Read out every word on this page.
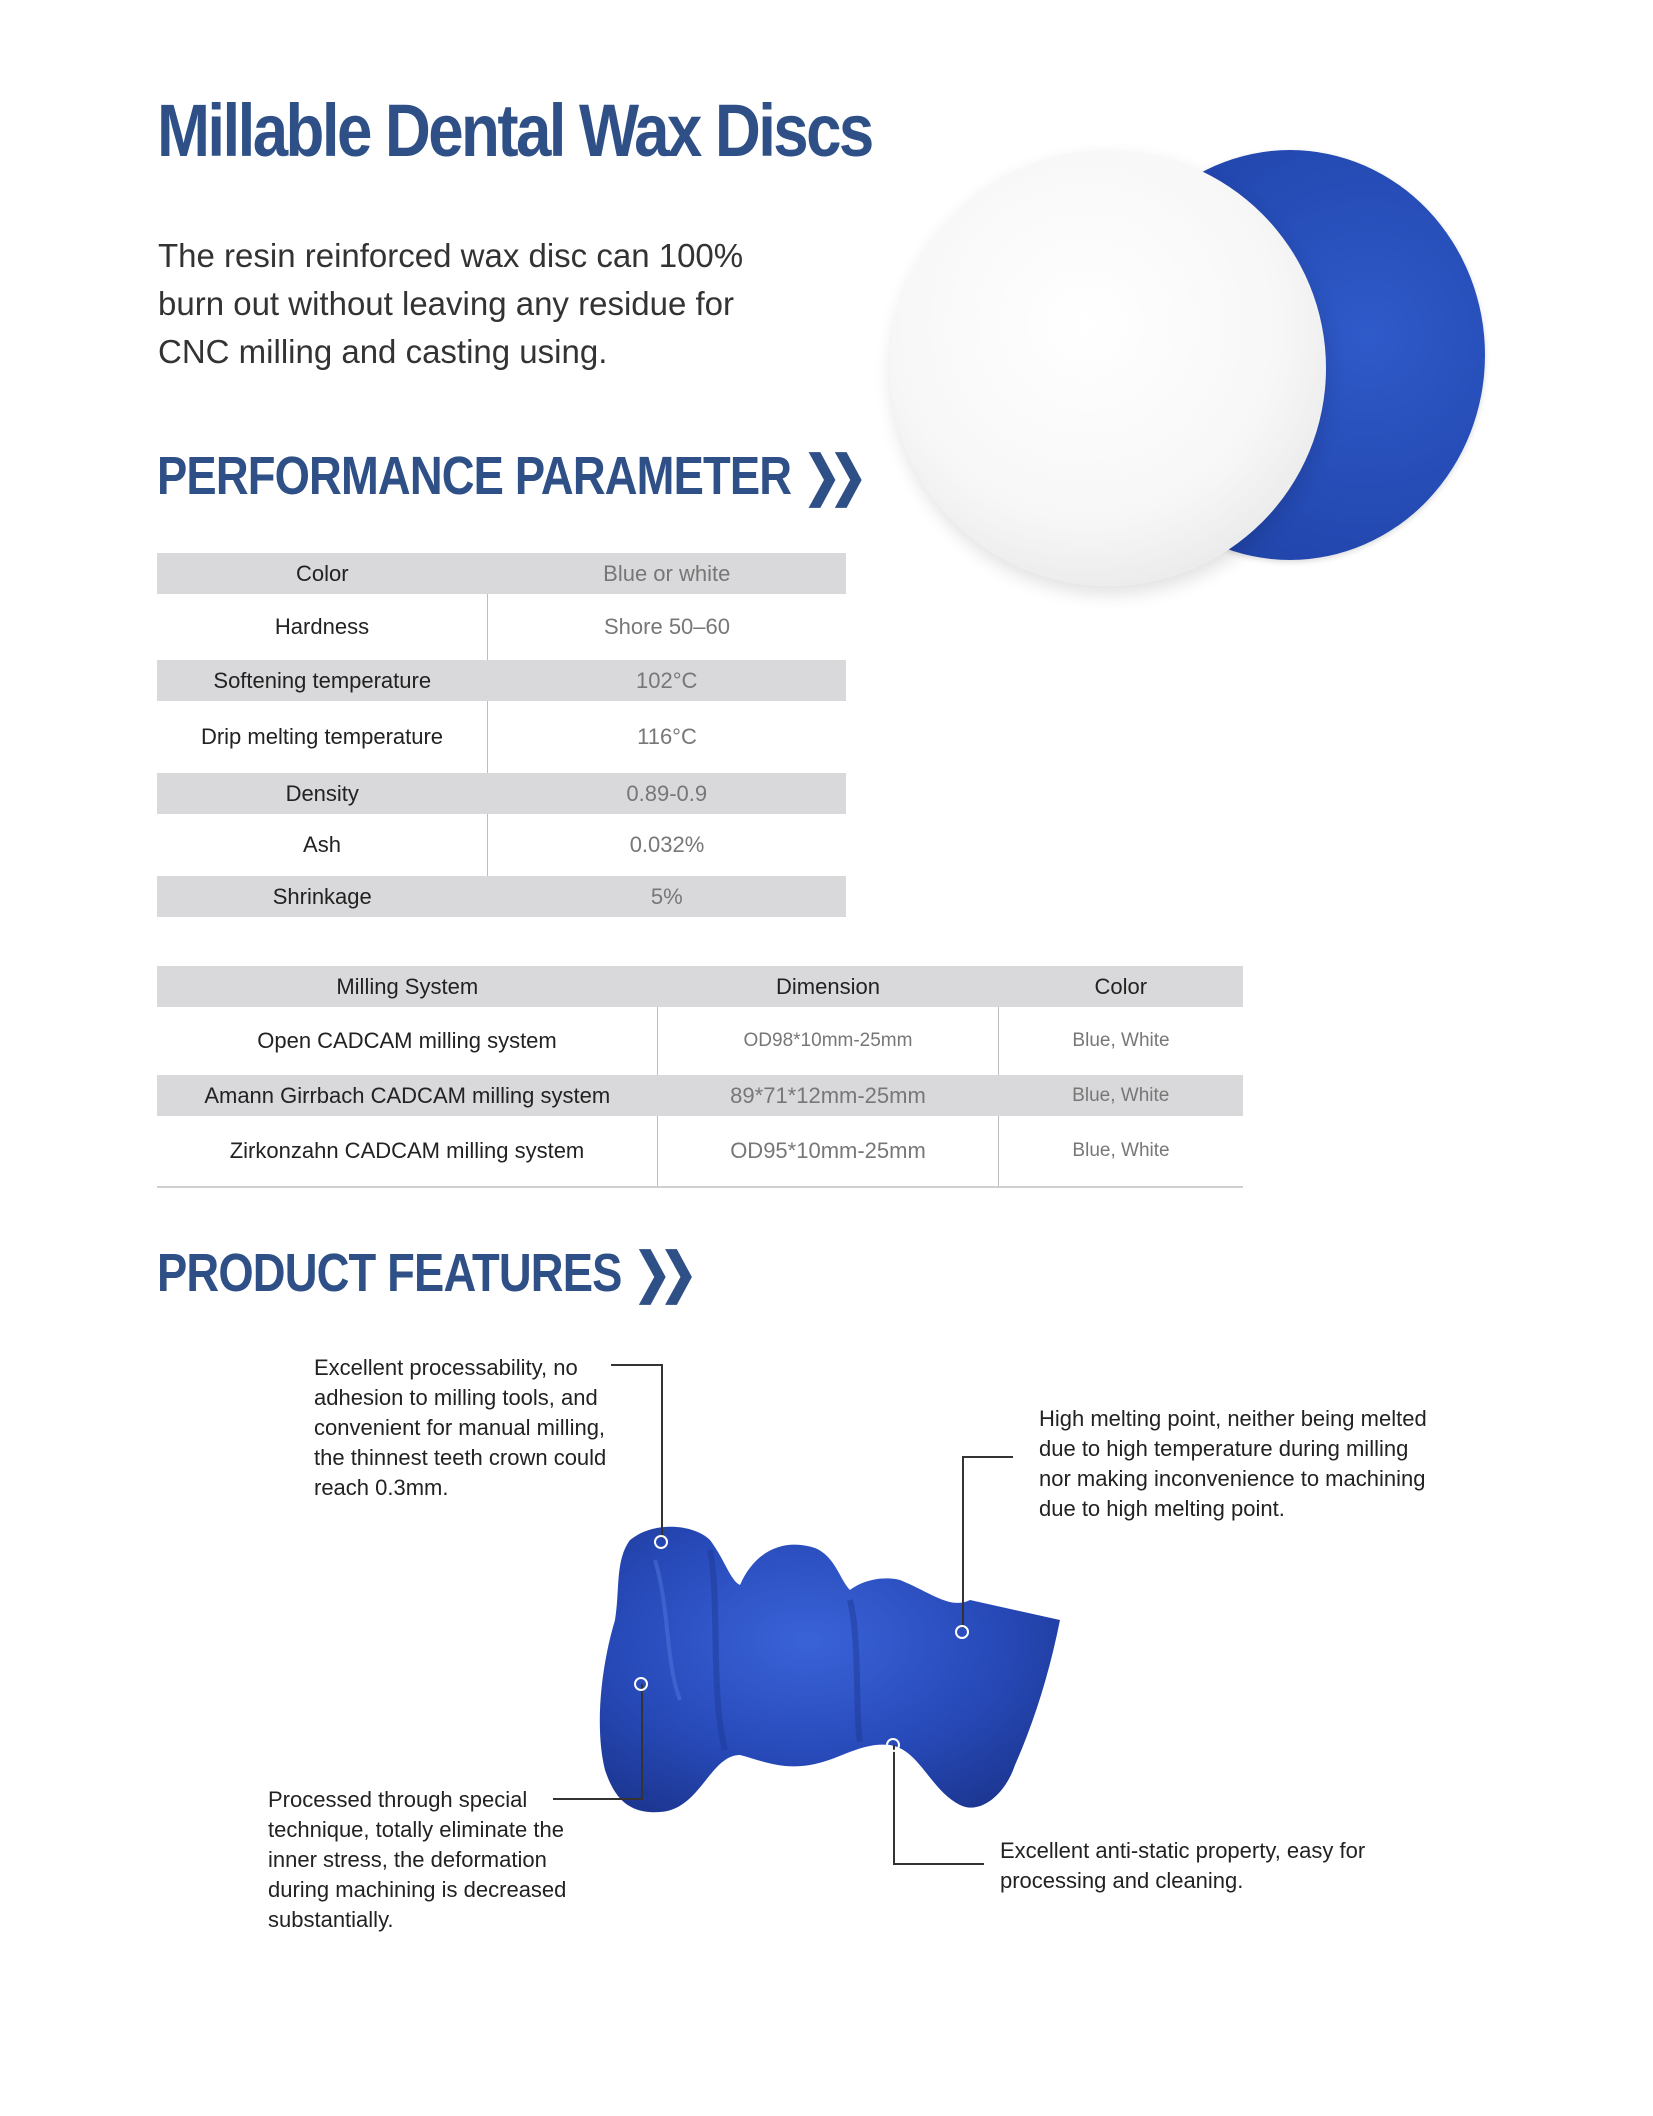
Millable Dental Wax Discs
The resin reinforced wax disc can 100% burn out without leaving any residue for CNC milling and casting using.
PERFORMANCE PARAMETER ❯❯
Color	Blue or white
Hardness	Shore 50–60
Softening temperature	102°C
Drip melting temperature	116°C
Density	0.89-0.9
Ash	0.032%
Shrinkage	5%
Milling System	Dimension	Color
Open CADCAM milling system	OD98*10mm-25mm	Blue, White
Amann Girrbach CADCAM milling system	89*71*12mm-25mm	Blue, White
Zirkonzahn CADCAM milling system	OD95*10mm-25mm	Blue, White
PRODUCT FEATURES ❯❯
Excellent processability, no adhesion to milling tools, and convenient for manual milling, the thinnest teeth crown could reach 0.3mm.
High melting point, neither being melted due to high temperature during milling nor making inconvenience to machining due to high melting point.
Processed through special technique, totally eliminate the inner stress, the deformation during machining is decreased substantially.
Excellent anti-static property, easy for processing and cleaning.
